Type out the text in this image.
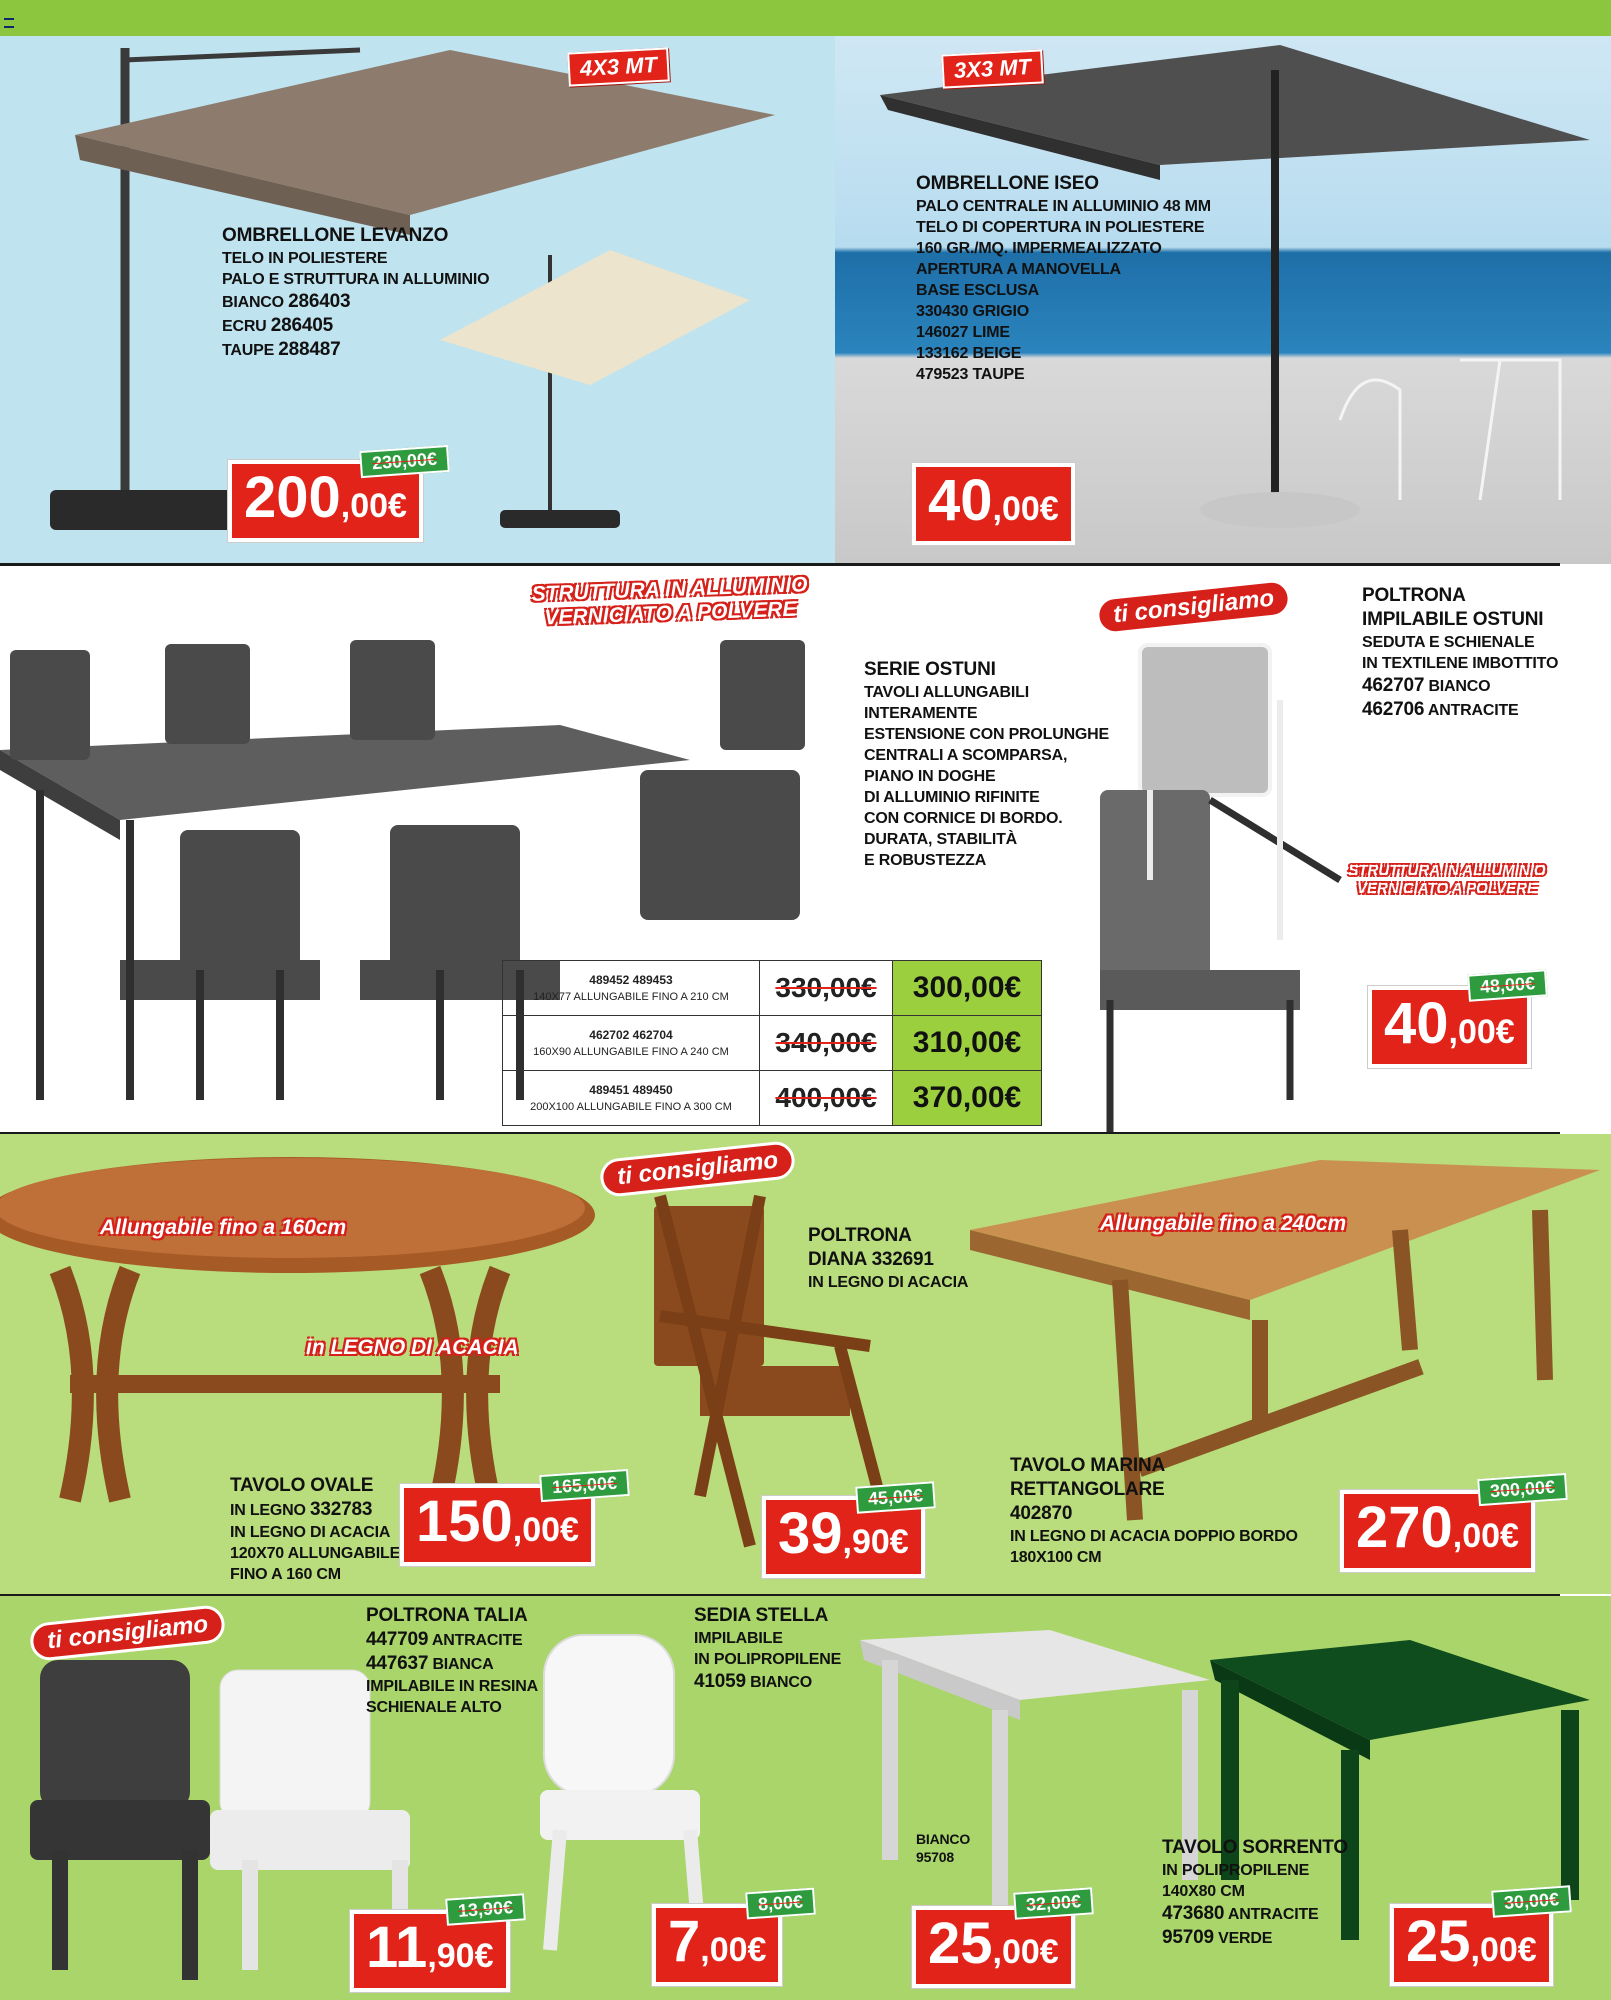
4X3 MT	3X3 MT
OMBRELLONE LEVANZO
TELO IN POLIESTERE
PALO E STRUTTURA IN ALLUMINIO
BIANCO 286403
ECRU 286405
TAUPE 288487
OMBRELLONE ISEO
PALO CENTRALE IN ALLUMINIO 48 MM
TELO DI COPERTURA IN POLIESTERE
160 GR./MQ. IMPERMEALIZZATO
APERTURA A MANOVELLA
BASE ESCLUSA
330430 GRIGIO
146027 LIME
133162 BEIGE
479523 TAUPE
200,00€
230,00€
40,00€
STRUTTURA IN ALLUMINIO
VERNICIATO A POLVERE
SERIE OSTUNI
TAVOLI ALLUNGABILI
INTERAMENTE
ESTENSIONE CON PROLUNGHE
CENTRALI A SCOMPARSA,
PIANO IN DOGHE
DI ALLUMINIO RIFINITE
CON CORNICE DI BORDO.
DURATA, STABILITÀ
E ROBUSTEZZA
489452 489453
140X77 ALLUNGABILE FINO A 210 CM	330,00€	300,00€
462702 462704
160X90 ALLUNGABILE FINO A 240 CM	340,00€	310,00€
489451 489450
200X100 ALLUNGABILE FINO A 300 CM	400,00€	370,00€
ti consigliamo	POLTRONA
IMPILABILE OSTUNI
SEDUTA E SCHIENALE
IN TEXTILENE IMBOTTITO
462707 BIANCO
462706 ANTRACITE
STRUTTURA IN ALLUMINIO
VERNICIATO A POLVERE
40,00€
48,00€
ti consigliamo
Allungabile fino a 160cm
in LEGNO DI ACACIA
TAVOLO OVALE
IN LEGNO 332783
IN LEGNO DI ACACIA
120X70 ALLUNGABILE
FINO A 160 CM
150,00€
165,00€
POLTRONA
DIANA 332691
IN LEGNO DI ACACIA
39,90€
45,00€
Allungabile fino a 240cm
TAVOLO MARINA
RETTANGOLARE
402870
IN LEGNO DI ACACIA DOPPIO BORDO
180X100 CM	270,00€
300,00€
ti consigliamo	POLTRONA TALIA
447709 ANTRACITE
447637 BIANCA
IMPILABILE IN RESINA
SCHIENALE ALTO
11,90€
13,90€
SEDIA STELLA
IMPILABILE
IN POLIPROPILENE
41059 BIANCO
7,00€
8,00€
BIANCO
95708
25,00€
32,00€
TAVOLO SORRENTO
IN POLIPROPILENE
140X80 CM
473680 ANTRACITE
95709 VERDE	25,00€
30,00€
